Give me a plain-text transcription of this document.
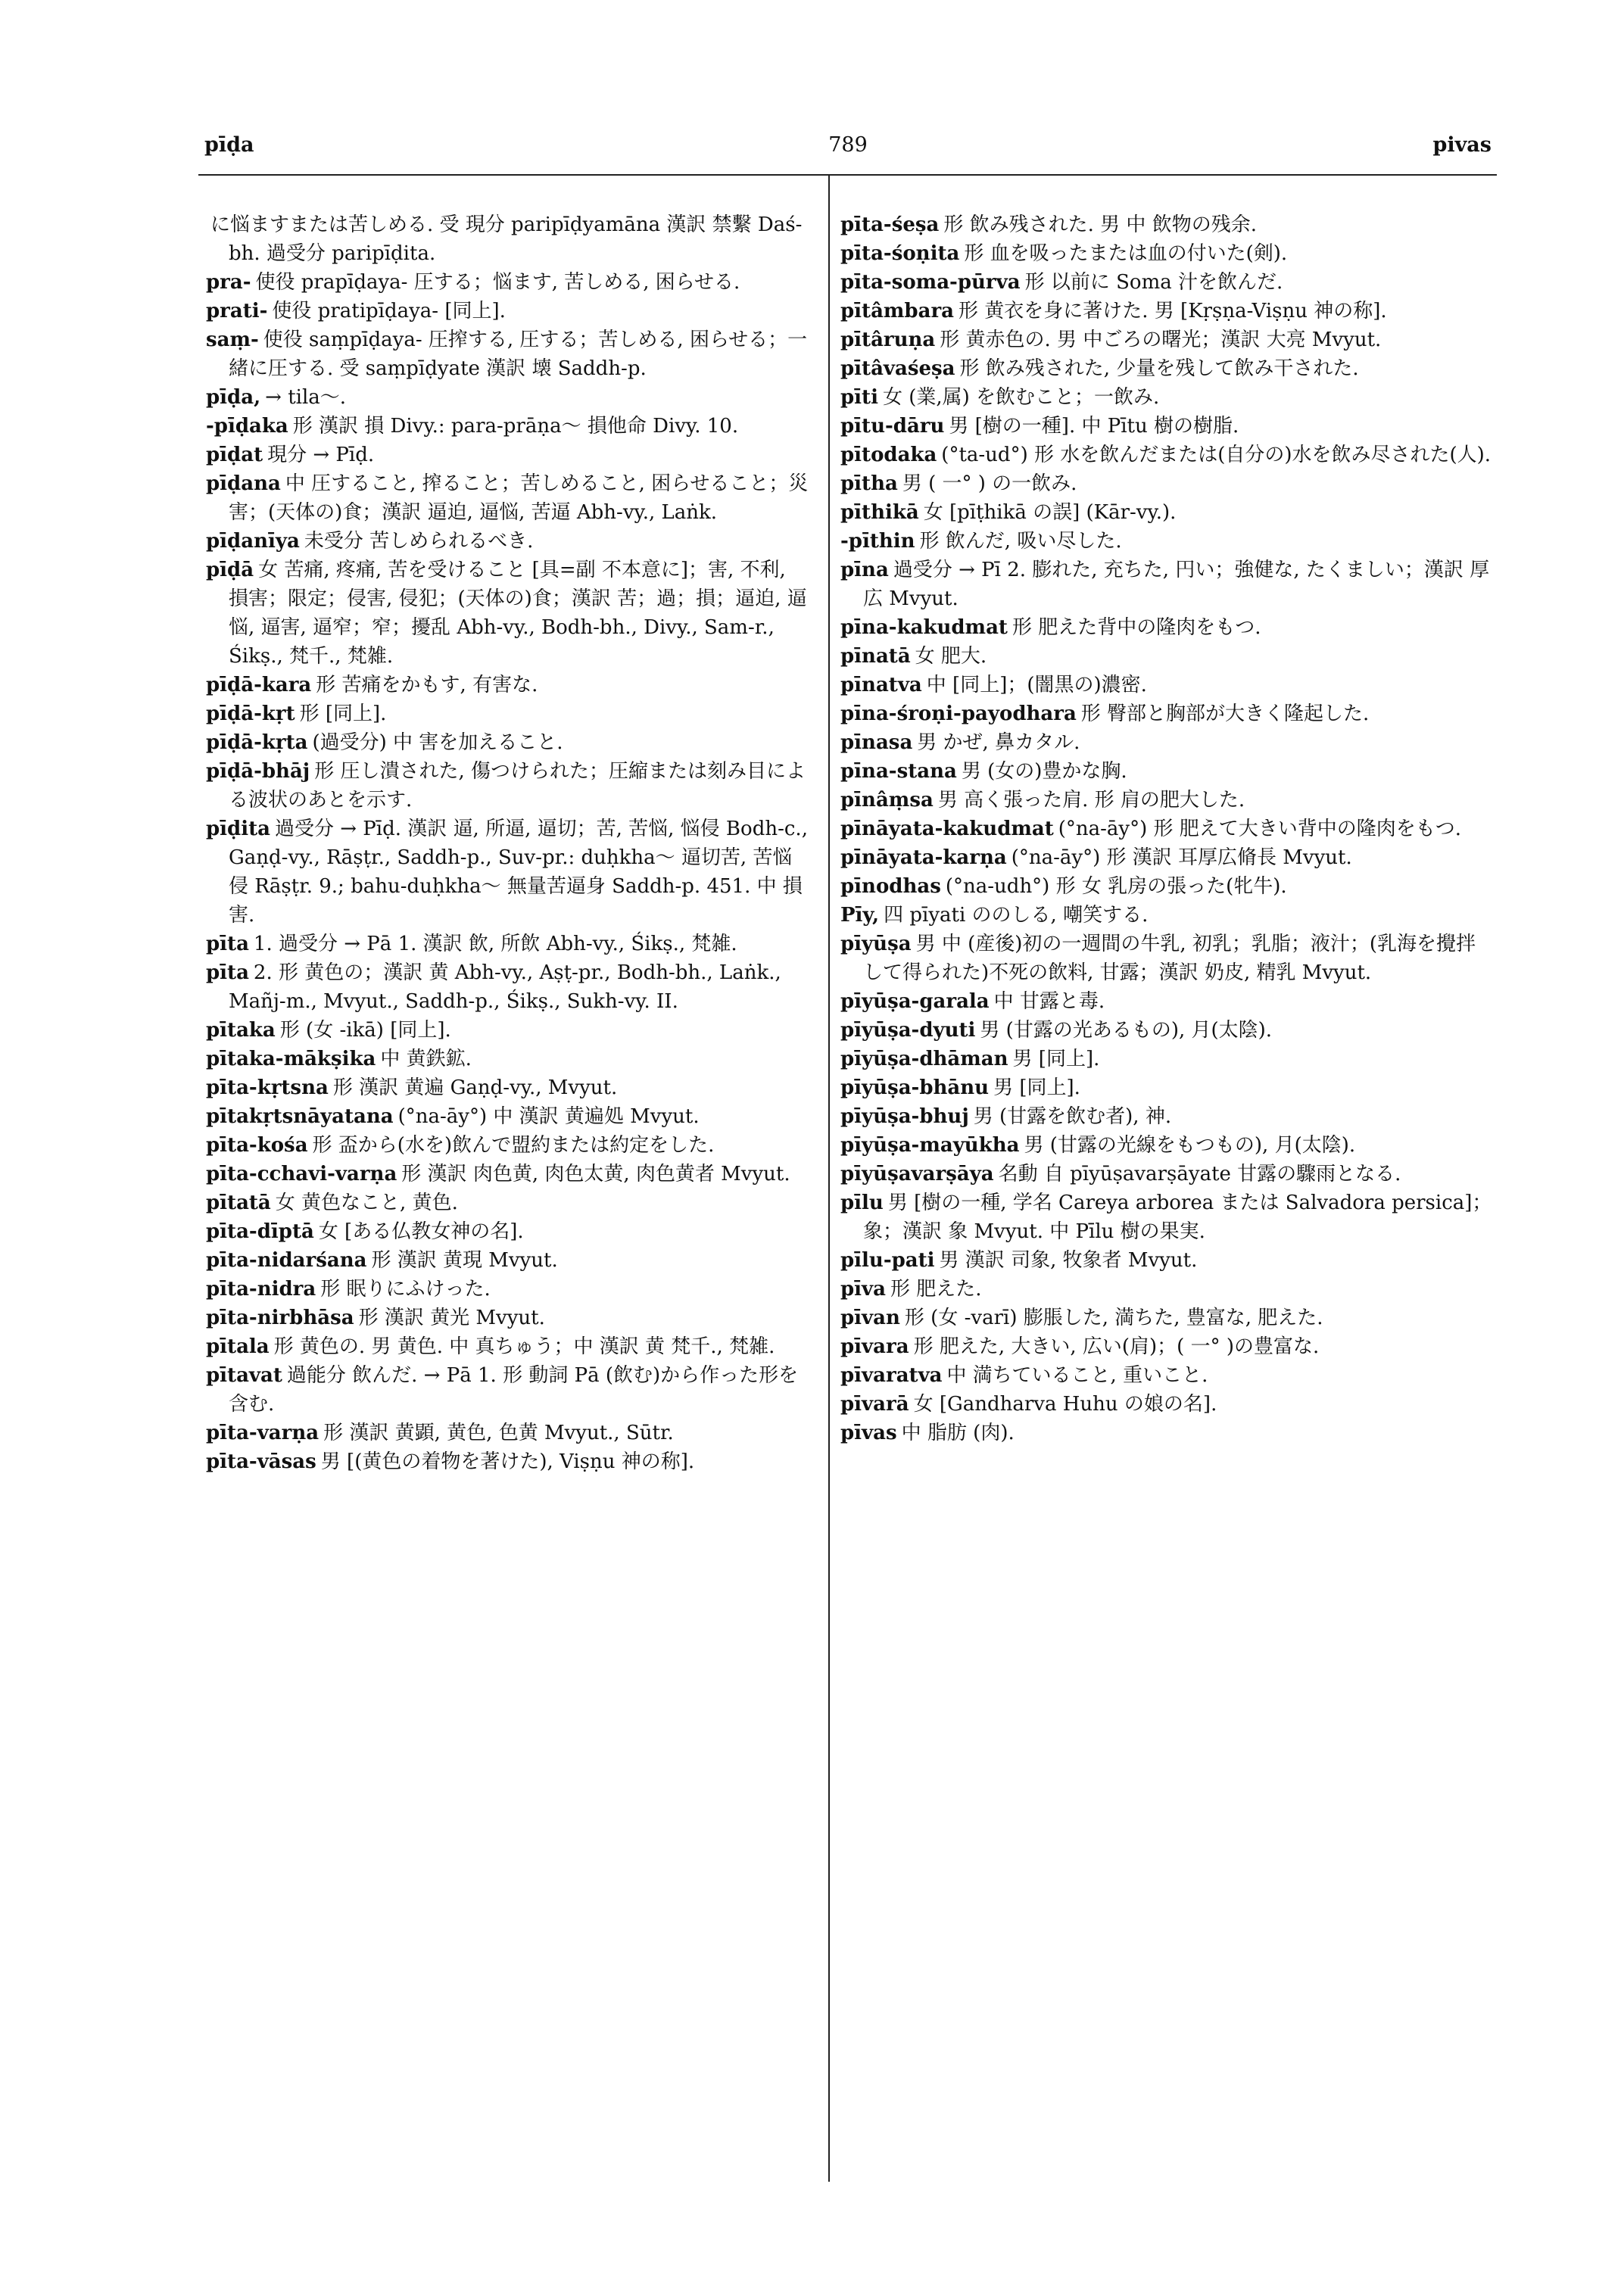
789
pīḍa	pivas

に悩ますまたは苦しめる. 受 現分 paripīḍyamāna 漢訳 禁繫 Daś-bh. 過受分 paripīḍita.

pra- 使役 prapīḍaya- 圧する；悩ます, 苦しめる, 困らせる.

prati- 使役 pratipīḍaya- [同上].

saṃ- 使役 saṃpīḍaya- 圧搾する, 圧する；苦しめる, 困らせる；一緒に圧する. 受 saṃpīḍyate 漢訳 壊 Saddh-p.

pīḍa, → tila～.

-pīḍaka 形 漢訳 損 Divy.: para-prāṇa～ 損他命 Divy. 10.

pīḍat 現分 → Pīḍ.

pīḍana 中 圧すること, 搾ること；苦しめること, 困らせること；災害；(天体の)食；漢訳 逼迫, 逼悩, 苦逼 Abh-vy., Laṅk.

pīḍanīya 未受分 苦しめられるべき.

pīḍā 女 苦痛, 疼痛, 苦を受けること [具=副 不本意に]；害, 不利, 損害；限定；侵害, 侵犯；(天体の)食；漢訳 苦；過；損；逼迫, 逼悩, 逼害, 逼窄；窄；擾乱 Abh-vy., Bodh-bh., Divy., Sam-r., Śikṣ., 梵千., 梵雑.

pīḍā-kara 形 苦痛をかもす, 有害な.

pīḍā-kṛt 形 [同上].

pīḍā-kṛta (過受分) 中 害を加えること.

pīḍā-bhāj 形 圧し潰された, 傷つけられた；圧縮または刻み目による波状のあとを示す.

pīḍita 過受分 → Pīḍ. 漢訳 逼, 所逼, 逼切；苦, 苦悩, 悩侵 Bodh-c., Gaṇḍ-vy., Rāṣṭr., Saddh-p., Suv-pr.: duḥkha～ 逼切苦, 苦悩侵 Rāṣṭr. 9.; bahu-duḥkha～ 無量苦逼身 Saddh-p. 451. 中 損害.

pīta 1. 過受分 → Pā 1. 漢訳 飲, 所飲 Abh-vy., Śikṣ., 梵雑.

pīta 2. 形 黄色の；漢訳 黄 Abh-vy., Aṣṭ-pr., Bodh-bh., Laṅk., Mañj-m., Mvyut., Saddh-p., Śikṣ., Sukh-vy. II.

pītaka 形 (女 -ikā) [同上].

pītaka-mākṣika 中 黄鉄鉱.

pīta-kṛtsna 形 漢訳 黄遍 Gaṇḍ-vy., Mvyut.

pītakṛtsnāyatana (°na-āy°) 中 漢訳 黄遍処 Mvyut.

pīta-kośa 形 盃から(水を)飲んで盟約または約定をした.

pīta-cchavi-varṇa 形 漢訳 肉色黄, 肉色太黄, 肉色黄者 Mvyut.

pītatā 女 黄色なこと, 黄色.

pīta-dīptā 女 [ある仏教女神の名].

pīta-nidarśana 形 漢訳 黄現 Mvyut.

pīta-nidra 形 眠りにふけった.

pīta-nirbhāsa 形 漢訳 黄光 Mvyut.

pītala 形 黄色の. 男 黄色. 中 真ちゅう；中 漢訳 黄 梵千., 梵雑.

pītavat 過能分 飲んだ. → Pā 1. 形 動詞 Pā (飲む)から作った形を含む.

pīta-varṇa 形 漢訳 黄顕, 黄色, 色黄 Mvyut., Sūtr.

pīta-vāsas 男 [(黄色の着物を著けた), Viṣṇu 神の称].

pīta-śeṣa 形 飲み残された. 男 中 飲物の残余.

pīta-śoṇita 形 血を吸ったまたは血の付いた(剣).

pīta-soma-pūrva 形 以前に Soma 汁を飲んだ.

pītâmbara 形 黄衣を身に著けた. 男 [Kṛṣṇa-Viṣṇu 神の称].

pītâruṇa 形 黄赤色の. 男 中ごろの曙光；漢訳 大亮 Mvyut.

pītâvaśeṣa 形 飲み残された, 少量を残して飲み干された.

pīti 女 (業,属) を飲むこと；一飲み.

pītu-dāru 男 [樹の一種]. 中 Pītu 樹の樹脂.

pītodaka (°ta-ud°) 形 水を飲んだまたは(自分の)水を飲み尽された(人).

pītha 男 ( 一° ) の一飲み.

pīthikā 女 [pīṭhikā の誤] (Kār-vy.).

-pīthin 形 飲んだ, 吸い尽した.

pīna 過受分 → Pī 2. 膨れた, 充ちた, 円い；強健な, たくましい；漢訳 厚広 Mvyut.

pīna-kakudmat 形 肥えた背中の隆肉をもつ.

pīnatā 女 肥大.

pīnatva 中 [同上]；(闇黒の)濃密.

pīna-śroṇi-payodhara 形 臀部と胸部が大きく隆起した.

pīnasa 男 かぜ, 鼻カタル.

pīna-stana 男 (女の)豊かな胸.

pīnâṃsa 男 高く張った肩. 形 肩の肥大した.

pīnāyata-kakudmat (°na-āy°) 形 肥えて大きい背中の隆肉をもつ.

pīnāyata-karṇa (°na-āy°) 形 漢訳 耳厚広脩長 Mvyut.

pīnodhas (°na-udh°) 形 女 乳房の張った(牝牛).

Pīy, 四 pīyati ののしる, 嘲笑する.

pīyūṣa 男 中 (産後)初の一週間の牛乳, 初乳；乳脂；液汁；(乳海を攪拌して得られた)不死の飲料, 甘露；漢訳 奶皮, 精乳 Mvyut.

pīyūṣa-garala 中 甘露と毒.

pīyūṣa-dyuti 男 (甘露の光あるもの), 月(太陰).

pīyūṣa-dhāman 男 [同上].

pīyūṣa-bhānu 男 [同上].

pīyūṣa-bhuj 男 (甘露を飲む者), 神.

pīyūṣa-mayūkha 男 (甘露の光線をもつもの), 月(太陰).

pīyūṣavarṣāya 名動 自 pīyūṣavarṣāyate 甘露の驟雨となる.

pīlu 男 [樹の一種, 学名 Careya arborea または Salvadora persica]；象；漢訳 象 Mvyut. 中 Pīlu 樹の果実.

pīlu-pati 男 漢訳 司象, 牧象者 Mvyut.

pīva 形 肥えた.

pīvan 形 (女 -varī) 膨脹した, 満ちた, 豊富な, 肥えた.

pīvara 形 肥えた, 大きい, 広い(肩)；( 一° )の豊富な.

pīvaratva 中 満ちていること, 重いこと.

pīvarā 女 [Gandharva Huhu の娘の名].

pīvas 中 脂肪 (肉).
